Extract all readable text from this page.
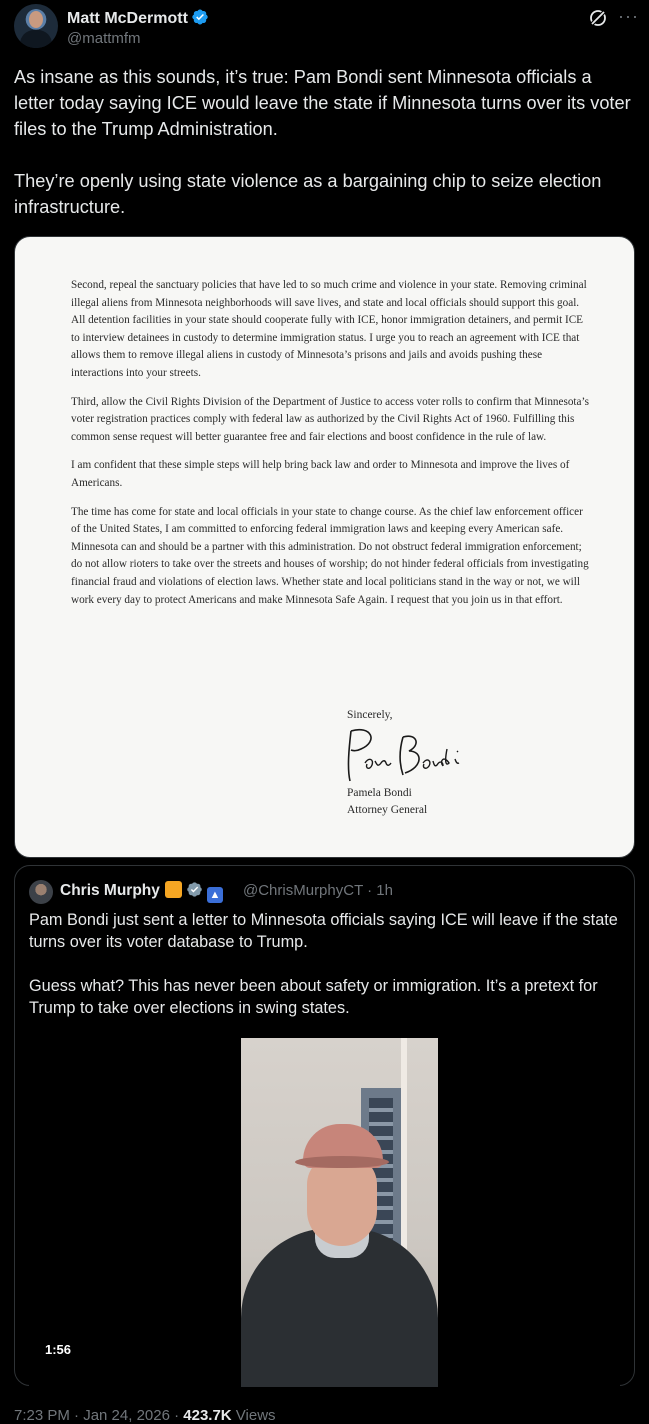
Matt McDermott
@mattmfm
···

As insane as this sounds, it’s true: Pam Bondi sent Minnesota officials a letter today saying ICE would leave the state if Minnesota turns over its voter files to the Trump Administration.

They’re openly using state violence as a bargaining chip to seize election infrastructure.

Second, repeal the sanctuary policies that have led to so much crime and violence in your state. Removing criminal illegal aliens from Minnesota neighborhoods will save lives, and state and local officials should support this goal. All detention facilities in your state should cooperate fully with ICE, honor immigration detainers, and permit ICE to interview detainees in custody to determine immigration status. I urge you to reach an agreement with ICE that allows them to remove illegal aliens in custody of Minnesota’s prisons and jails and avoids pushing these interactions into your streets.

Third, allow the Civil Rights Division of the Department of Justice to access voter rolls to confirm that Minnesota’s voter registration practices comply with federal law as authorized by the Civil Rights Act of 1960. Fulfilling this common sense request will better guarantee free and fair elections and boost confidence in the rule of law.

I am confident that these simple steps will help bring back law and order to Minnesota and improve the lives of Americans.

The time has come for state and local officials in your state to change course. As the chief law enforcement officer of the United States, I am committed to enforcing federal immigration laws and keeping every American safe. Minnesota can and should be a partner with this administration. Do not obstruct federal immigration enforcement; do not allow rioters to take over the streets and houses of worship; do not hinder federal officials from investigating financial fraud and violations of election laws. Whether state and local politicians stand in the way or not, we will work every day to protect Americans and make Minnesota Safe Again. I request that you join us in that effort.

Sincerely,
Pamela Bondi
Attorney General
Chris Murphy	▲ @ChrisMurphyCT · 1h

Pam Bondi just sent a letter to Minnesota officials saying ICE will leave if the state turns over its voter database to Trump.

Guess what? This has never been about safety or immigration. It’s a pretext for Trump to take over elections in swing states.

1:56
7:23 PM · Jan 24, 2026 · 423.7K Views
